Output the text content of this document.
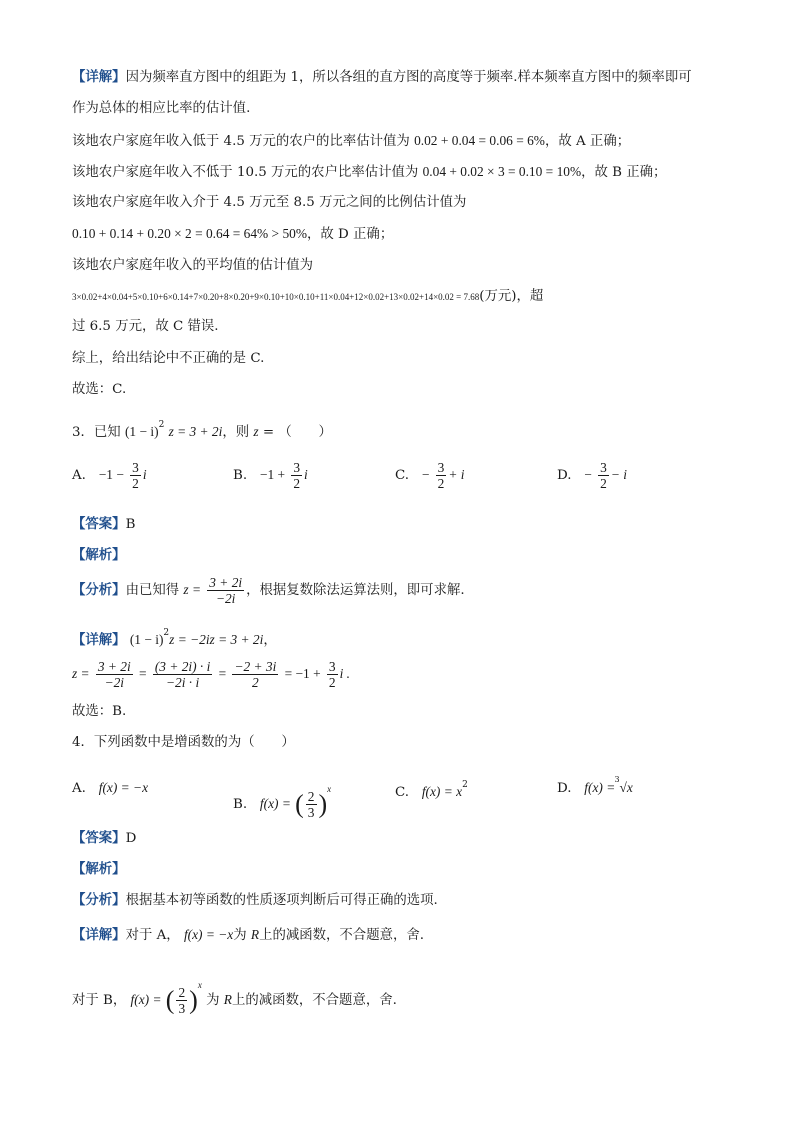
【详解】因为频率直方图中的组距为 1，所以各组的直方图的高度等于频率.样本频率直方图中的频率即可
作为总体的相应比率的估计值.
该地农户家庭年收入低于 4.5 万元的农户的比率估计值为 0.02 + 0.04 = 0.06 = 6%，故 A 正确；
该地农户家庭年收入不低于 10.5 万元的农户比率估计值为 0.04 + 0.02 × 3 = 0.10 = 10%，故 B 正确；
该地农户家庭年收入介于 4.5 万元至 8.5 万元之间的比例估计值为
0.10 + 0.14 + 0.20 × 2 = 0.64 = 64% > 50%，故 D 正确；
该地农户家庭年收入的平均值的估计值为
3×0.02+4×0.04+5×0.10+6×0.14+7×0.20+8×0.20+9×0.10+10×0.10+11×0.04+12×0.02+13×0.02+14×0.02 = 7.68(万元)，超
过 6.5 万元，故 C 错误.
综上，给出结论中不正确的是 C.
故选：C.
3．已知 $(1 - i)^2$ z = 3 + 2i，则 z = （　　）
A. $-1 - \frac{3}{2}$ i	B. $-1 + \frac{3}{2}$ i	C. − $\frac{3}{2} + i$	D. − $\frac{3}{2} - i$
【答案】B
【解析】
【分析】由已知得 $z = \frac{3 + 2i}{-2i}$ ，根据复数除法运算法则，即可求解.
【详解】 $(1 - i)^2z = -2iz = 3 + 2i$，
$z = \frac{3 + 2i}{-2i} = \frac{(3 + 2i) \cdot i}{-2i \cdot i} = \frac{-2 + 3i}{2} = -1 + \frac{3}{2}$ i .
故选：B.
4．下列函数中是增函数的为（　　）
A. f(x) = −x
B. f(x) = ( $\frac{2}{3} )^x$	C. $f(x) = x^2$	D. f(x) =
3
√x
【答案】D
【解析】
【分析】根据基本初等函数的性质逐项判断后可得正确的选项.
【详解】对于 A， f(x) = −x为 R上的减函数，不合题意，舍.
对于 B， f(x) = ( $\frac{2}{3} )^x$ 为 R上的减函数，不合题意，舍.
